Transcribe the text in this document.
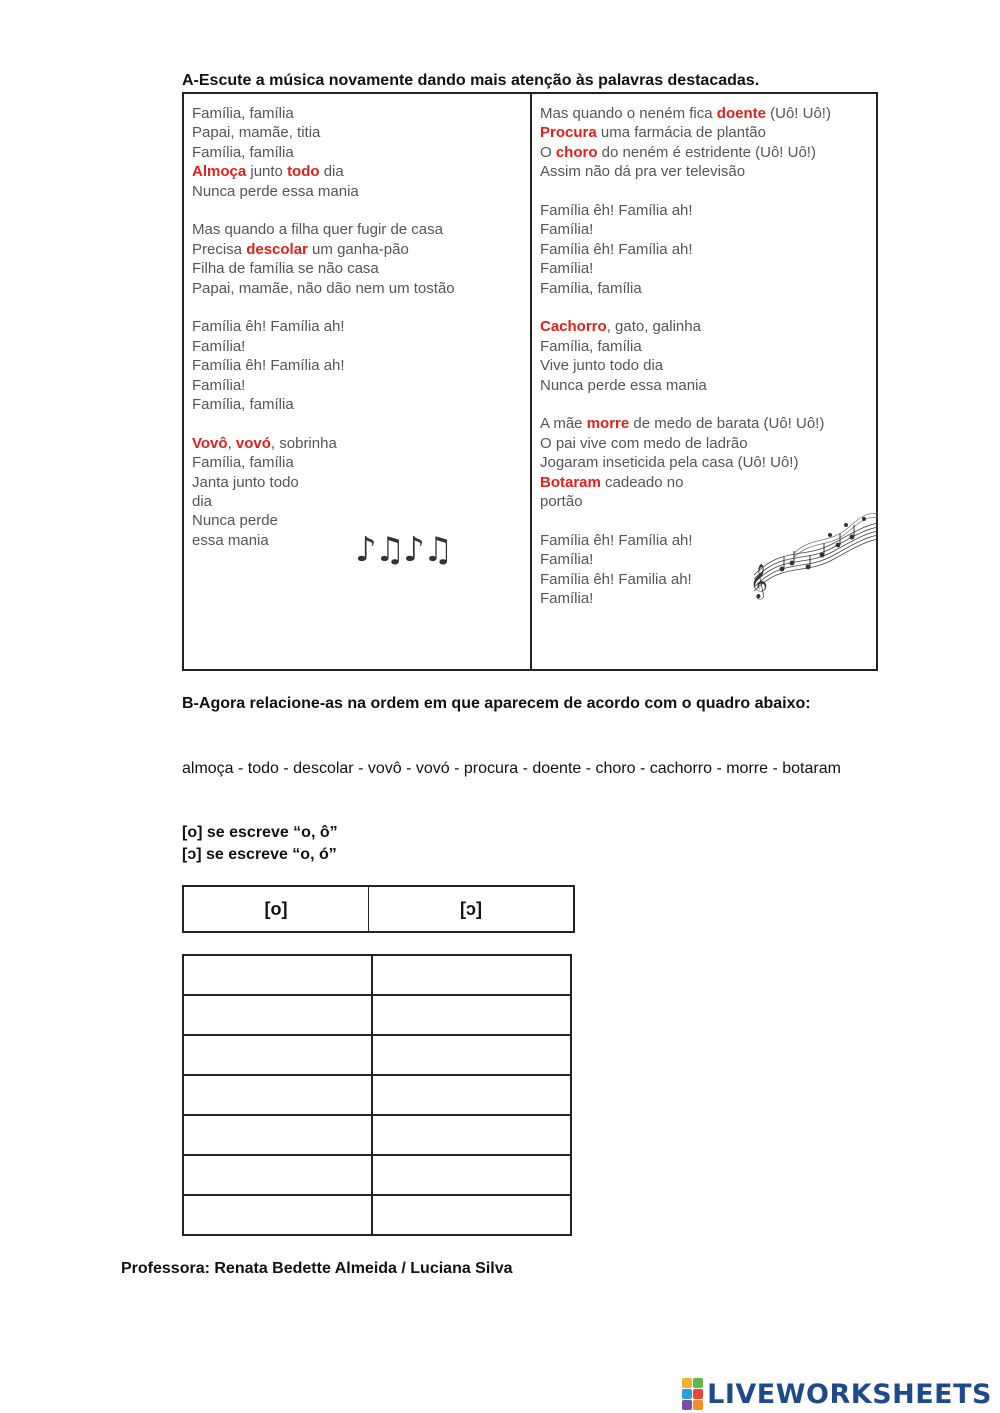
A-Escute a música novamente dando mais atenção às palavras destacadas.
Família, família
Papai, mamãe, titia
Família, família
Almoça junto todo dia
Nunca perde essa mania
Mas quando a filha quer fugir de casa
Precisa descolar um ganha-pão
Filha de família se não casa
Papai, mamãe, não dão nem um tostão
Família êh! Família ah!
Família!
Família êh! Família ah!
Família!
Família, família
Vovô, vovó, sobrinha
Família, família
Janta junto todo
dia
Nunca perde
essa mania
Mas quando o neném fica doente (Uô! Uô!)
Procura uma farmácia de plantão
O choro do neném é estridente (Uô! Uô!)
Assim não dá pra ver televisão
Família êh! Família ah!
Família!
Família êh! Família ah!
Família!
Família, família
Cachorro, gato, galinha
Família, família
Vive junto todo dia
Nunca perde essa mania
A mãe morre de medo de barata (Uô! Uô!)
O pai vive com medo de ladrão
Jogaram inseticida pela casa (Uô! Uô!)
Botaram cadeado no
portão
Família êh! Família ah!
Família!
Família êh! Familia ah!
Família!
♪♫♪♫
𝄞
B-Agora relacione-as na ordem em que aparecem de acordo com o quadro abaixo:
almoça - todo - descolar - vovô - vovó - procura - doente - choro - cachorro - morre - botaram
[o] se escreve “o, ô”
[ɔ] se escreve “o, ó”
[o]	[ɔ]

Professora: Renata Bedette Almeida / Luciana Silva
LIVEWORKSHEETS
